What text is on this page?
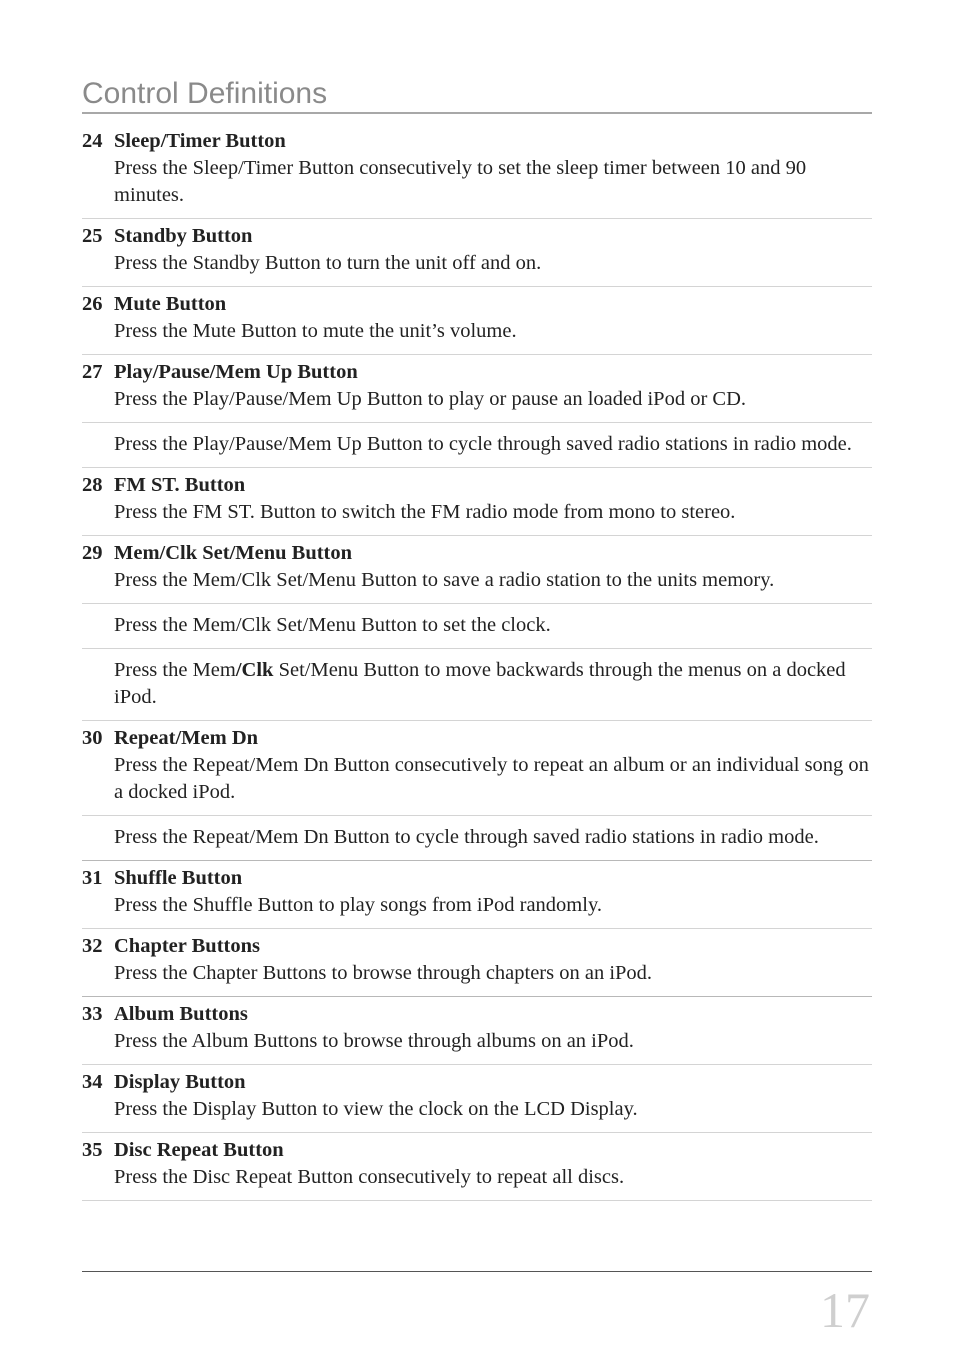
Control Definitions
24 Sleep/Timer Button
Press the Sleep/Timer Button consecutively to set the sleep timer between 10 and 90 minutes.
25 Standby Button
Press the Standby Button to turn the unit off and on.
26 Mute Button
Press the Mute Button to mute the unit’s volume.
27 Play/Pause/Mem Up Button
Press the Play/Pause/Mem Up Button to play or pause an loaded iPod or CD.
Press the Play/Pause/Mem Up Button to cycle through saved radio stations in radio mode.
28 FM ST. Button
Press the FM ST. Button to switch the FM radio mode from mono to stereo.
29 Mem/Clk Set/Menu Button
Press the Mem/Clk Set/Menu Button to save a radio station to the units memory.
Press the Mem/Clk Set/Menu Button to set the clock.
Press the Mem/Clk Set/Menu Button to move backwards through the menus on a docked iPod.
30 Repeat/Mem Dn
Press the Repeat/Mem Dn Button consecutively to repeat an album or an individual song on a docked iPod.
Press the Repeat/Mem Dn Button to cycle through saved radio stations in radio mode.
31 Shuffle Button
Press the Shuffle Button to play songs from iPod randomly.
32 Chapter Buttons
Press the Chapter Buttons to browse through chapters on an iPod.
33 Album Buttons
Press the Album Buttons to browse through albums on an iPod.
34 Display Button
Press the Display Button to view the clock on the LCD Display.
35 Disc Repeat Button
Press the Disc Repeat Button consecutively to repeat all discs.
17
